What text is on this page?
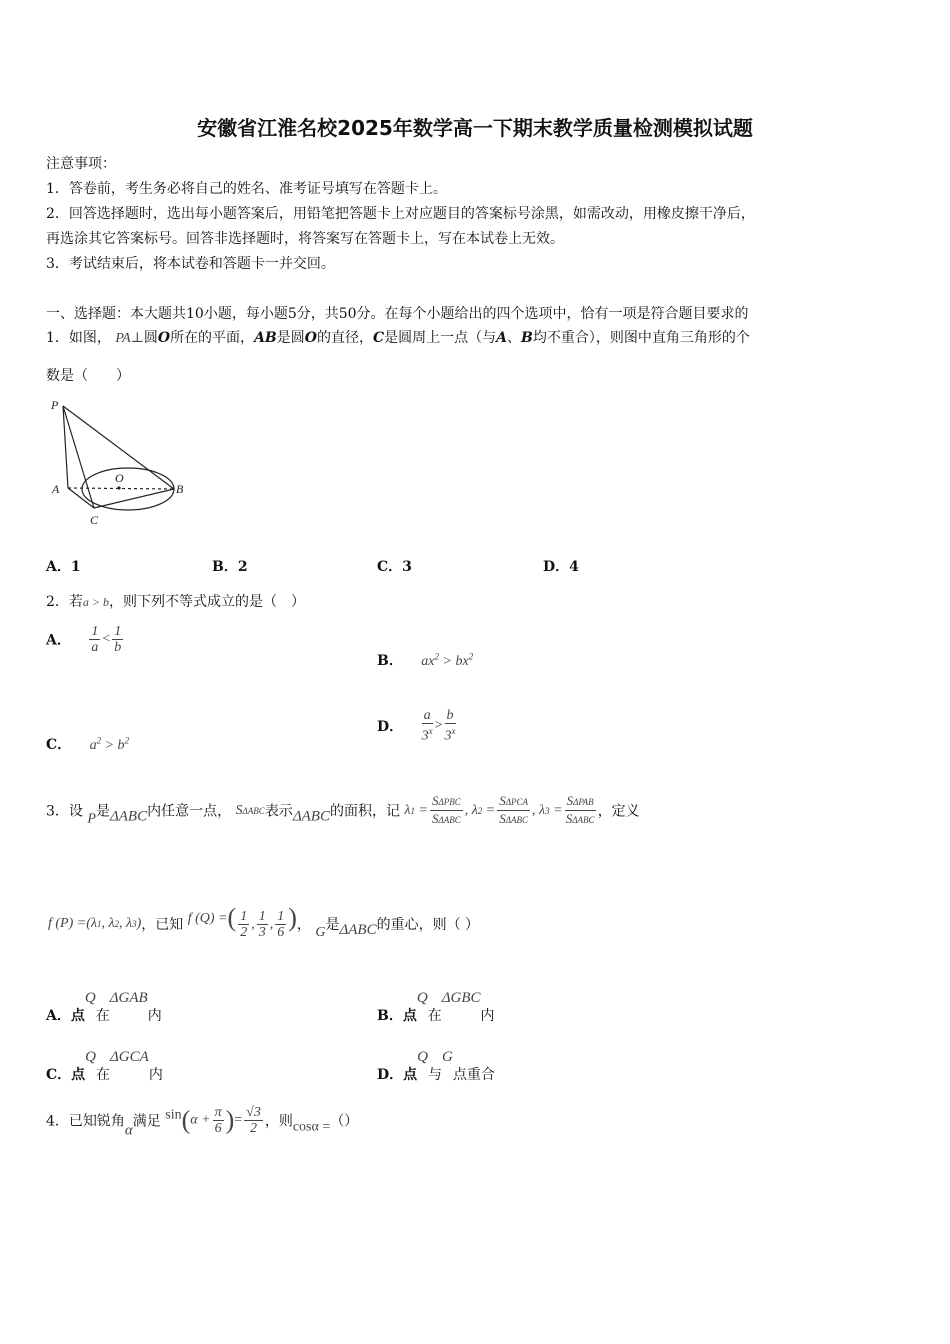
安徽省江淮名校2025年数学高一下期末教学质量检测模拟试题
注意事项：
1．答卷前，考生务必将自己的姓名、准考证号填写在答题卡上。
2．回答选择题时，选出每小题答案后，用铅笔把答题卡上对应题目的答案标号涂黑，如需改动，用橡皮擦干净后，
再选涂其它答案标号。回答非选择题时，将答案写在答题卡上，写在本试卷上无效。
3．考试结束后，将本试卷和答题卡一并交回。
一、选择题：本大题共10小题，每小题5分，共50分。在每个小题给出的四个选项中，恰有一项是符合题目要求的
1．如图， PA⊥圆O所在的平面，AB是圆O的直径，C是圆周上一点（与A、B均不重合），则图中直角三角形的个
数是（　　）
P
A	B
C
O
A．1	B．2	C．3	D．4
2．若a > b，则下列不等式成立的是（　）
A． $\frac{1}{a} < \frac{1}{b}$
B． $ax^2 > bx^2$
C． $a^2 > b^2$
D． $\frac{a}{3^x} > \frac{b}{3^x}$
3．设 P是ΔABC内任意一点， SΔABC表示ΔABC的面积，记 $\lambda 1 = \frac{\text{SΔPBC}}{\text{SΔABC}}$ , $\lambda 2 = \frac{\text{SΔPCA}}{\text{SΔABC}}$ , $\lambda 3 = \frac{\text{SΔPAB}}{\text{SΔABC}}$ ，定义
f (P) =(λ1, λ2, λ3)，已知 f (Q) =( $\frac{1}{2}$ , $\frac{1}{3}$ , $\frac{1}{6}$ )， G是ΔABC的重心，则（ ）
A．点Q在ΔGAB内	B．点Q在ΔGBC内
C．点Q在ΔGCA内	D．点Q与G点重合
4．已知锐角α满足 $\sin(\alpha + \frac{\pi}{6}$ )= $\frac{√3}{2}$ ，则cosα =（）
